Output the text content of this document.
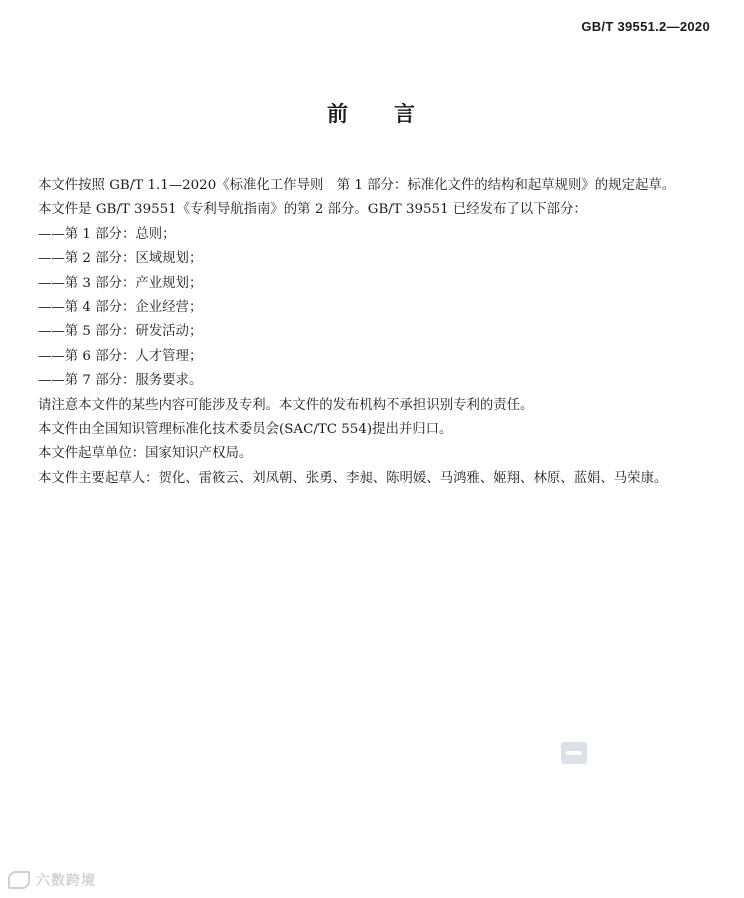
GB/T 39551.2—2020
前 言

本文件按照 GB/T 1.1—2020《标准化工作导则　第 1 部分：标准化文件的结构和起草规则》的规定起草。

本文件是 GB/T 39551《专利导航指南》的第 2 部分。GB/T 39551 已经发布了以下部分：

——第 1 部分：总则；

——第 2 部分：区域规划；

——第 3 部分：产业规划；

——第 4 部分：企业经营；

——第 5 部分：研发活动；

——第 6 部分：人才管理；

——第 7 部分：服务要求。

请注意本文件的某些内容可能涉及专利。本文件的发布机构不承担识别专利的责任。

本文件由全国知识管理标准化技术委员会(SAC/TC 554)提出并归口。

本文件起草单位：国家知识产权局。

本文件主要起草人：贺化、雷筱云、刘凤朝、张勇、李昶、陈明媛、马鸿雅、姬翔、林原、蓝娟、马荣康。

六数跨境
